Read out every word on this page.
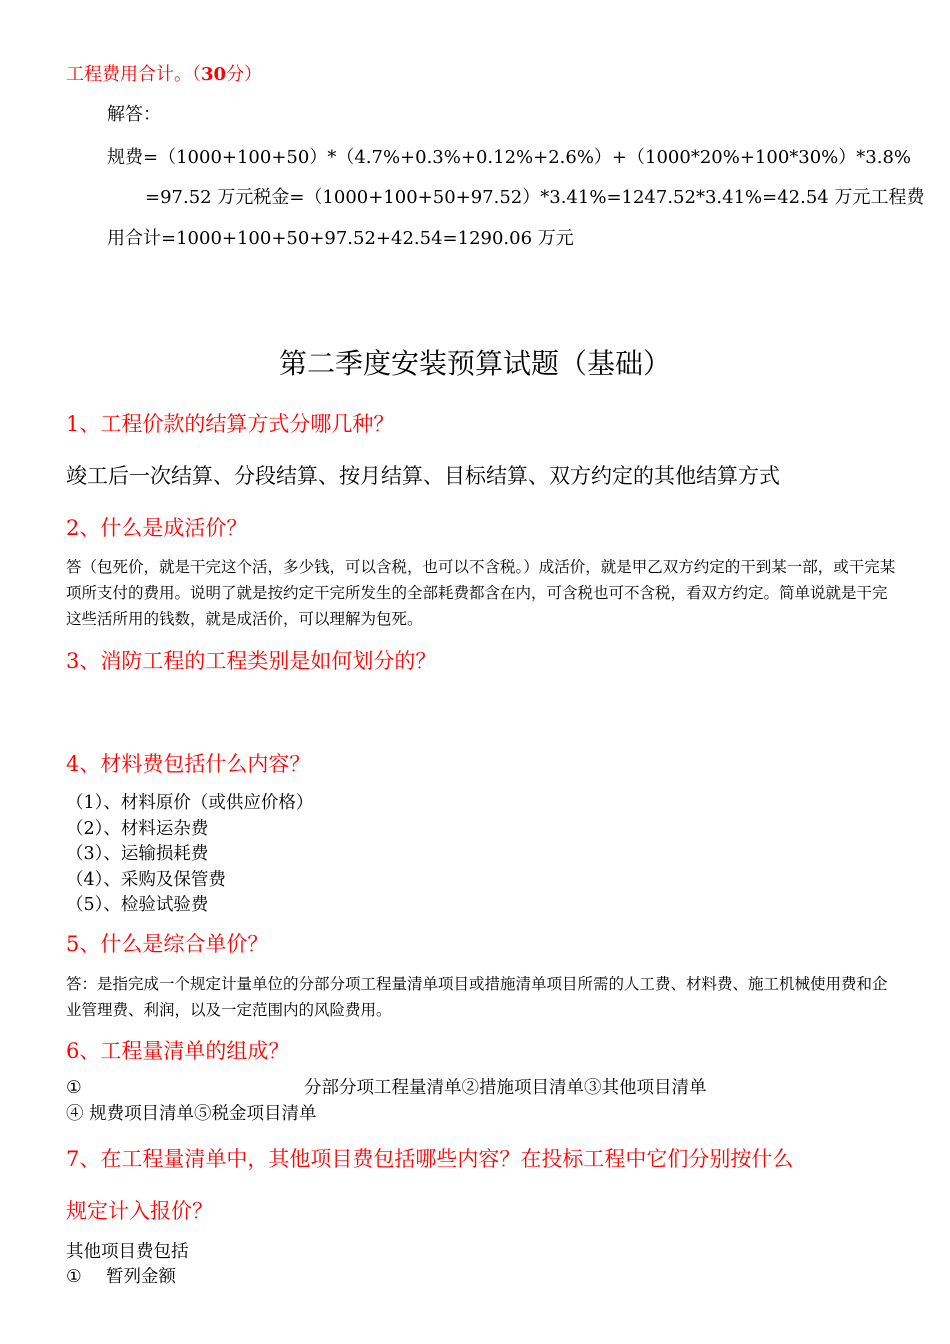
工程费用合计。（30分）
解答：
规费=（1000+100+50）*（4.7%+0.3%+0.12%+2.6%）+（1000*20%+100*30%）*3.8%
=97.52 万元税金=（1000+100+50+97.52）*3.41%=1247.52*3.41%=42.54 万元工程费
用合计=1000+100+50+97.52+42.54=1290.06 万元
第二季度安装预算试题（基础）
1、工程价款的结算方式分哪几种？
竣工后一次结算、分段结算、按月结算、目标结算、双方约定的其他结算方式
2、什么是成活价？
答（包死价，就是干完这个活，多少钱，可以含税，也可以不含税。）成活价，就是甲乙双方约定的干到某一部，或干完某项所支付的费用。说明了就是按约定干完所发生的全部耗费都含在内，可含税也可不含税，看双方约定。简单说就是干完这些活所用的钱数，就是成活价，可以理解为包死。
3、消防工程的工程类别是如何划分的？
4、材料费包括什么内容？
（1）、材料原价（或供应价格）
（2）、材料运杂费
（3）、运输损耗费
（4）、采购及保管费
（5）、检验试验费
5、什么是综合单价？
答：是指完成一个规定计量单位的分部分项工程量清单项目或措施清单项目所需的人工费、材料费、施工机械使用费和企业管理费、利润，以及一定范围内的风险费用。
6、工程量清单的组成？
①	分部分项工程量清单②措施项目清单③其他项目清单
④ 规费项目清单⑤税金项目清单
7、在工程量清单中，其他项目费包括哪些内容？在投标工程中它们分别按什么
规定计入报价？
其他项目费包括
① 暂列金额
